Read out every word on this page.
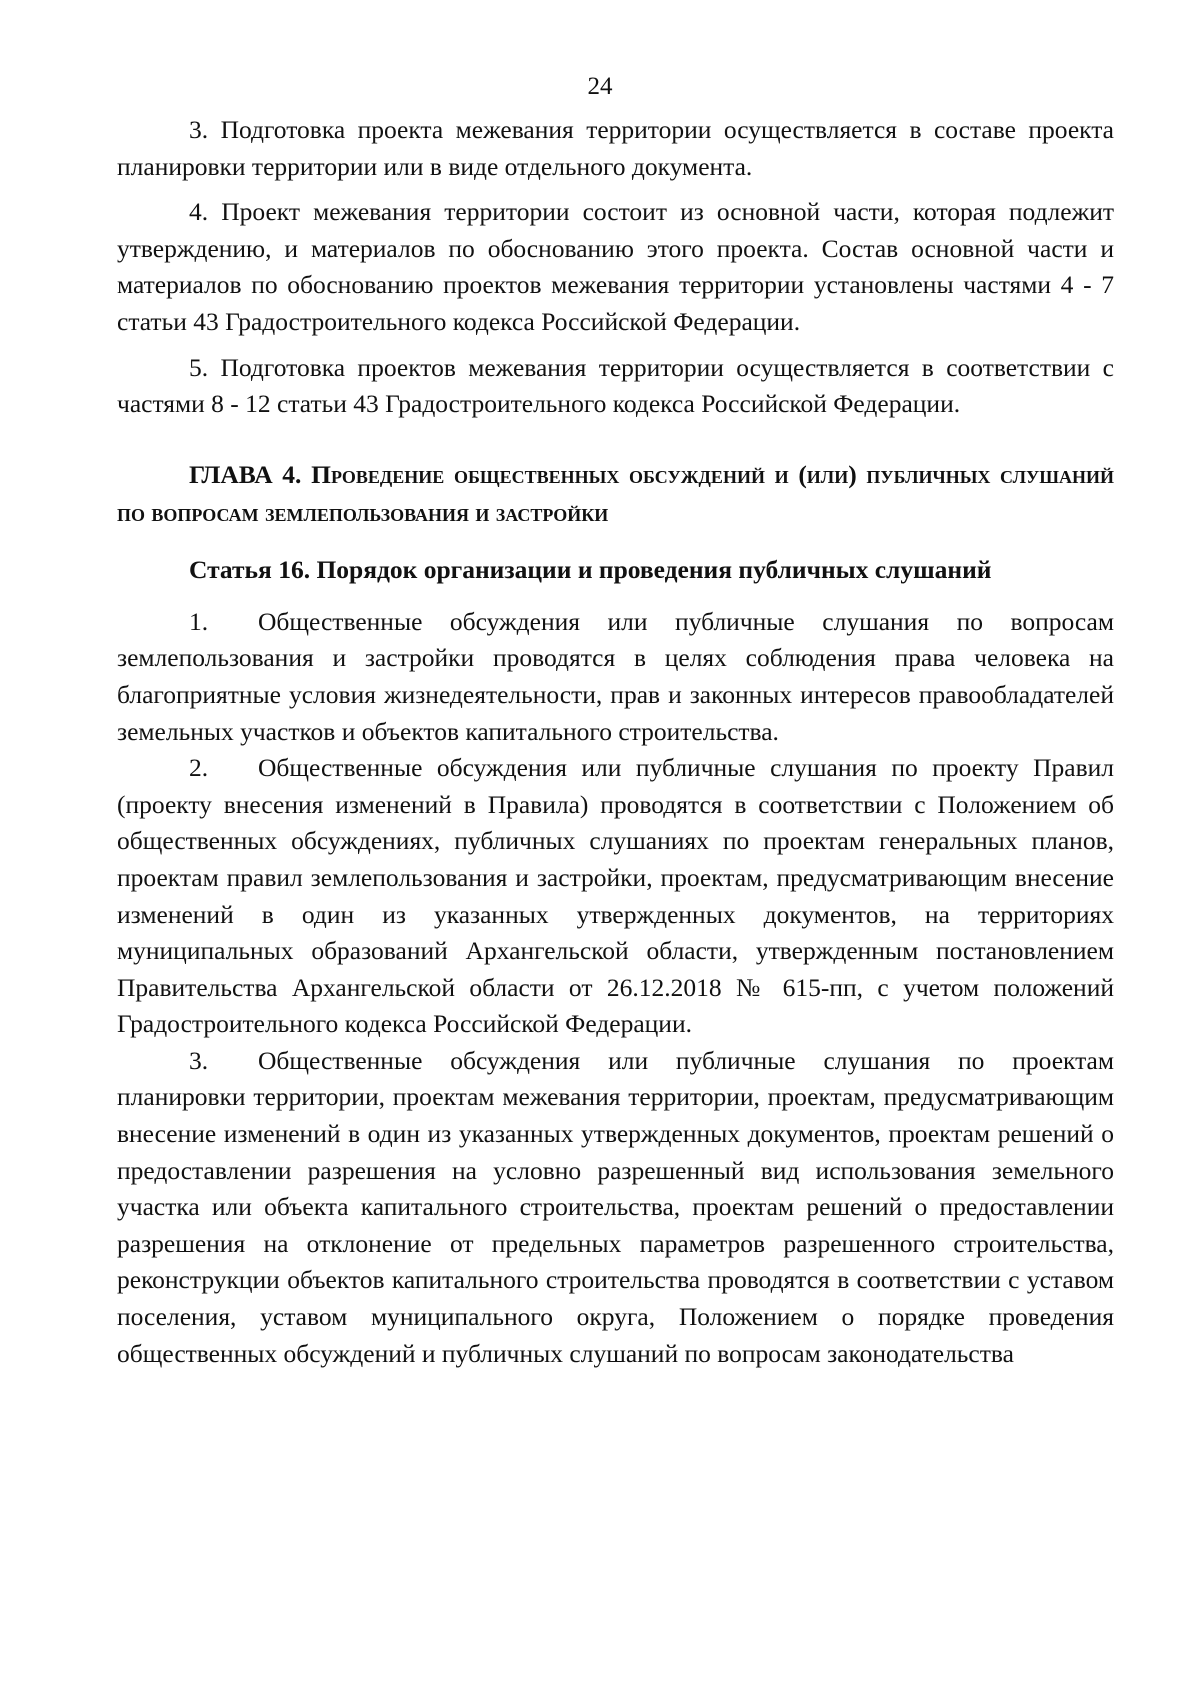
24

3. Подготовка проекта межевания территории осуществляется в составе проекта планировки территории или в виде отдельного документа.

4. Проект межевания территории состоит из основной части, которая подлежит утверждению, и материалов по обоснованию этого проекта. Состав основной части и материалов по обоснованию проектов межевания территории установлены частями 4 - 7 статьи 43 Градостроительного кодекса Российской Федерации.

5. Подготовка проектов межевания территории осуществляется в соответствии с частями 8 - 12 статьи 43 Градостроительного кодекса Российской Федерации.

ГЛАВА 4. Проведение общественных обсуждений и (или) публичных слушаний по вопросам землепользования и застройки
Статья 16. Порядок организации и проведения публичных слушаний

1. Общественные обсуждения или публичные слушания по вопросам землепользования и застройки проводятся в целях соблюдения права человека на благоприятные условия жизнедеятельности, прав и законных интересов правообладателей земельных участков и объектов капитального строительства.

2. Общественные обсуждения или публичные слушания по проекту Правил (проекту внесения изменений в Правила) проводятся в соответствии с Положением об общественных обсуждениях, публичных слушаниях по проектам генеральных планов, проектам правил землепользования и застройки, проектам, предусматривающим внесение изменений в один из указанных утвержденных документов, на территориях муниципальных образований Архангельской области, утвержденным постановлением Правительства Архангельской области от 26.12.2018 № 615-пп, с учетом положений Градостроительного кодекса Российской Федерации.

3. Общественные обсуждения или публичные слушания по проектам планировки территории, проектам межевания территории, проектам, предусматривающим внесение изменений в один из указанных утвержденных документов, проектам решений о предоставлении разрешения на условно разрешенный вид использования земельного участка или объекта капитального строительства, проектам решений о предоставлении разрешения на отклонение от предельных параметров разрешенного строительства, реконструкции объектов капитального строительства проводятся в соответствии с уставом поселения, уставом муниципального округа, Положением о порядке проведения общественных обсуждений и публичных слушаний по вопросам законодательства
